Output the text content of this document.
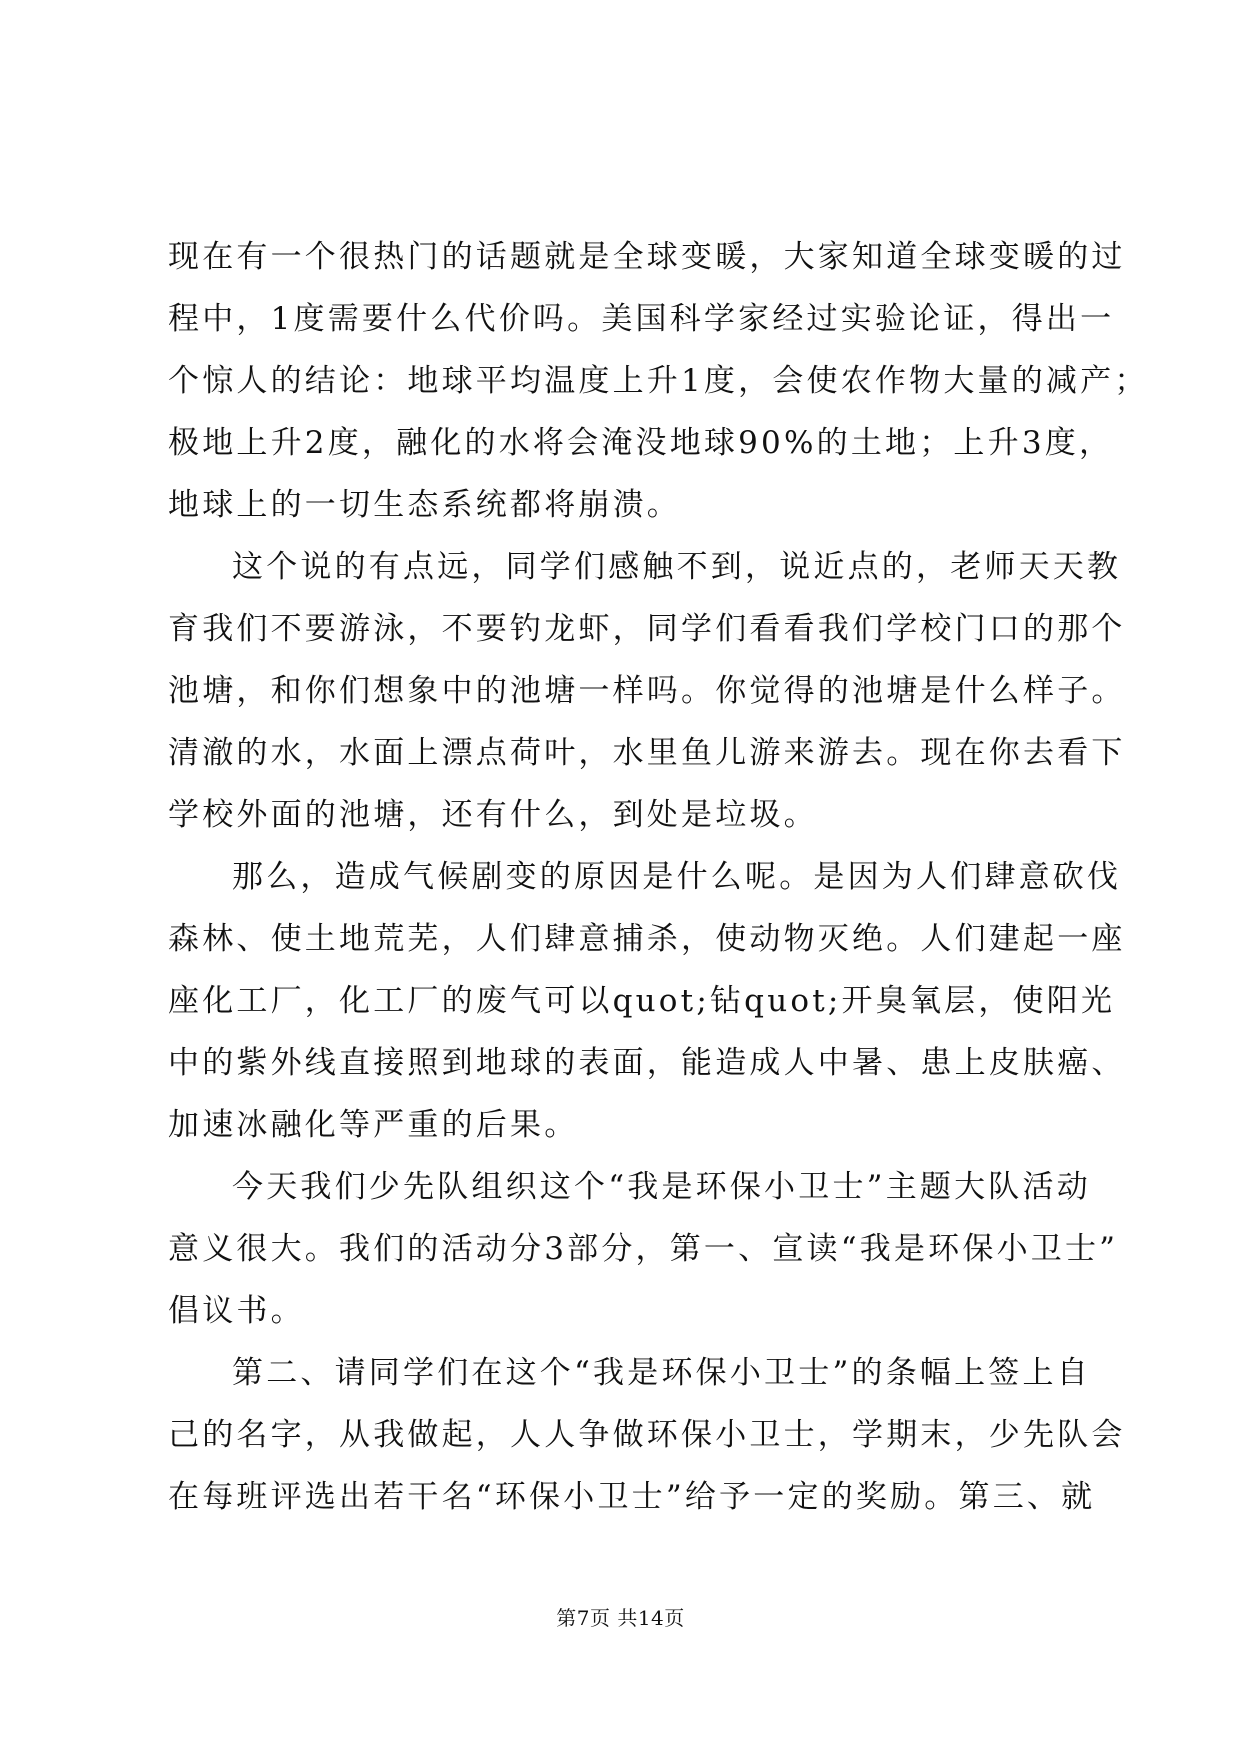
现在有一个很热门的话题就是全球变暖，大家知道全球变暖的过
程中，1度需要什么代价吗。美国科学家经过实验论证，得出一
个惊人的结论：地球平均温度上升1度，会使农作物大量的减产；
极地上升2度，融化的水将会淹没地球90%的土地；上升3度，
地球上的一切生态系统都将崩溃。
这个说的有点远，同学们感触不到，说近点的，老师天天教
育我们不要游泳，不要钓龙虾，同学们看看我们学校门口的那个
池塘，和你们想象中的池塘一样吗。你觉得的池塘是什么样子。
清澈的水，水面上漂点荷叶，水里鱼儿游来游去。现在你去看下
学校外面的池塘，还有什么，到处是垃圾。
那么，造成气候剧变的原因是什么呢。是因为人们肆意砍伐
森林、使土地荒芜，人们肆意捕杀，使动物灭绝。人们建起一座
座化工厂，化工厂的废气可以quot;钻quot;开臭氧层，使阳光
中的紫外线直接照到地球的表面，能造成人中暑、患上皮肤癌、
加速冰融化等严重的后果。
今天我们少先队组织这个“我是环保小卫士”主题大队活动
意义很大。我们的活动分3部分，第一、宣读“我是环保小卫士”
倡议书。
第二、请同学们在这个“我是环保小卫士”的条幅上签上自
己的名字，从我做起，人人争做环保小卫士，学期末，少先队会
在每班评选出若干名“环保小卫士”给予一定的奖励。第三、就
第7页 共14页
